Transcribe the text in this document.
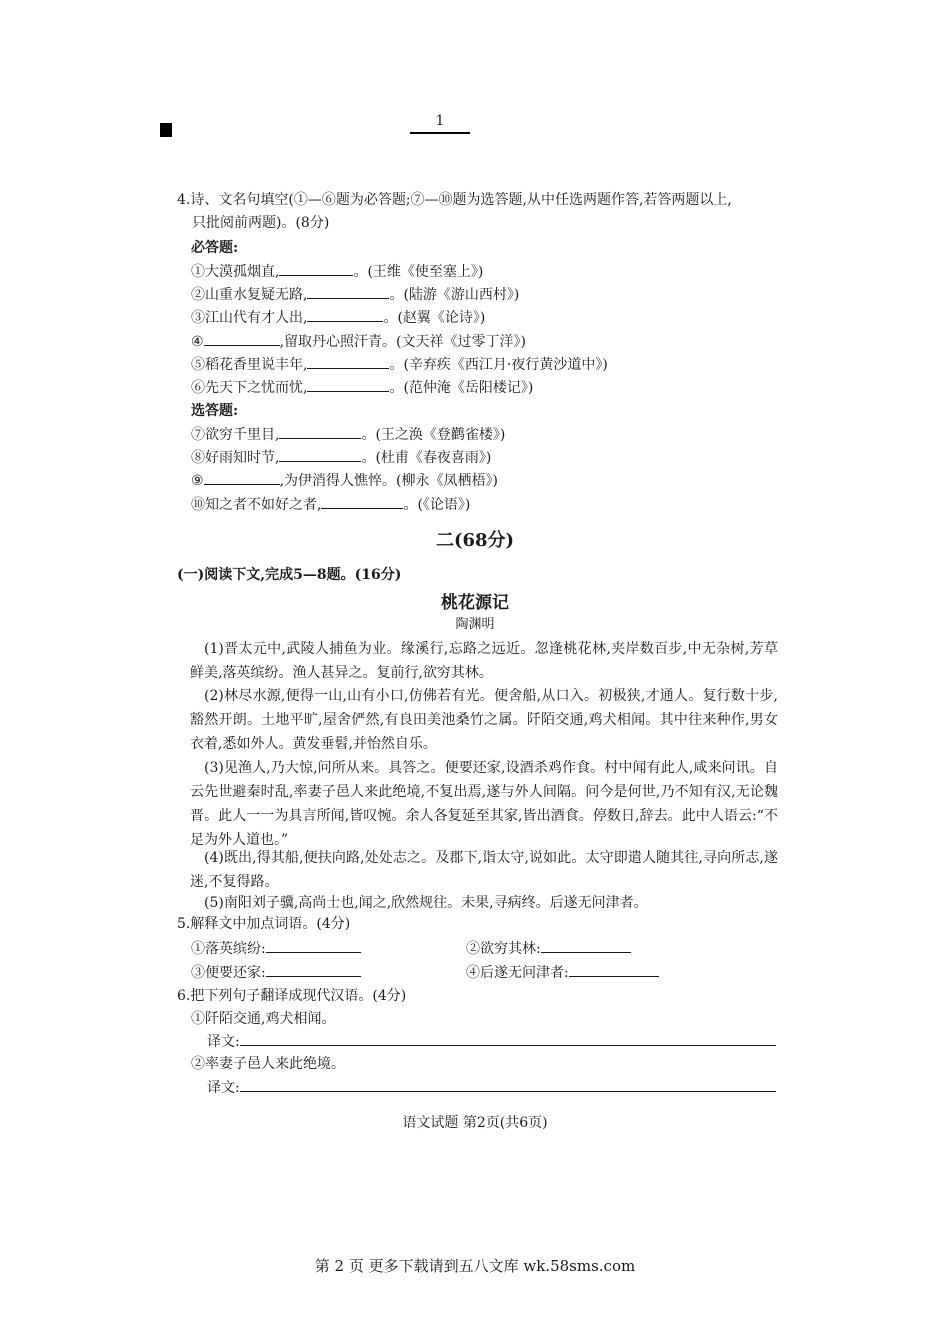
1
4.诗、文名句填空(①—⑥题为必答题;⑦—⑩题为选答题,从中任选两题作答,若答两题以上,
只批阅前两题)。(8分)
必答题:
①大漠孤烟直,	。(王维《使至塞上》)
②山重水复疑无路,	。(陆游《游山西村》)
③江山代有才人出,	。(赵翼《论诗》)
④	,留取丹心照汗青。(文天祥《过零丁洋》)
⑤稻花香里说丰年,	。(辛弃疾《西江月·夜行黄沙道中》)
⑥先天下之忧而忧,	。(范仲淹《岳阳楼记》)
选答题:
⑦欲穷千里目,	。(王之涣《登鹳雀楼》)
⑧好雨知时节,	。(杜甫《春夜喜雨》)
⑨	,为伊消得人憔悴。(柳永《凤栖梧》)
⑩知之者不如好之者,	。(《论语》)
二(68分)
(一)阅读下文,完成5—8题。(16分)
桃花源记
陶渊明
(1)晋太元中,武陵人捕鱼为业。缘溪行,忘路之远近。忽逢桃花林,夹岸数百步,中无杂树,芳草鲜美,落英缤纷。渔人甚异之。复前行,欲穷其林。
(2)林尽水源,便得一山,山有小口,仿佛若有光。便舍船,从口入。初极狭,才通人。复行数十步,豁然开朗。土地平旷,屋舍俨然,有良田美池桑竹之属。阡陌交通,鸡犬相闻。其中往来种作,男女衣着,悉如外人。黄发垂髫,并怡然自乐。
(3)见渔人,乃大惊,问所从来。具答之。便要还家,设酒杀鸡作食。村中闻有此人,咸来问讯。自云先世避秦时乱,率妻子邑人来此绝境,不复出焉,遂与外人间隔。问今是何世,乃不知有汉,无论魏晋。此人一一为具言所闻,皆叹惋。余人各复延至其家,皆出酒食。停数日,辞去。此中人语云:“不足为外人道也。”
(4)既出,得其船,便扶向路,处处志之。及郡下,诣太守,说如此。太守即遣人随其往,寻向所志,遂迷,不复得路。
(5)南阳刘子骥,高尚士也,闻之,欣然规往。未果,寻病终。后遂无问津者。
5.解释文中加点词语。(4分)
①落英缤纷:	②欲穷其林:
③便要还家:	④后遂无问津者:
6.把下列句子翻译成现代汉语。(4分)
①阡陌交通,鸡犬相闻。
译文:
②率妻子邑人来此绝境。
译文:
语文试题 第2页(共6页)
第 2 页 更多下载请到五八文库 wk.58sms.com
